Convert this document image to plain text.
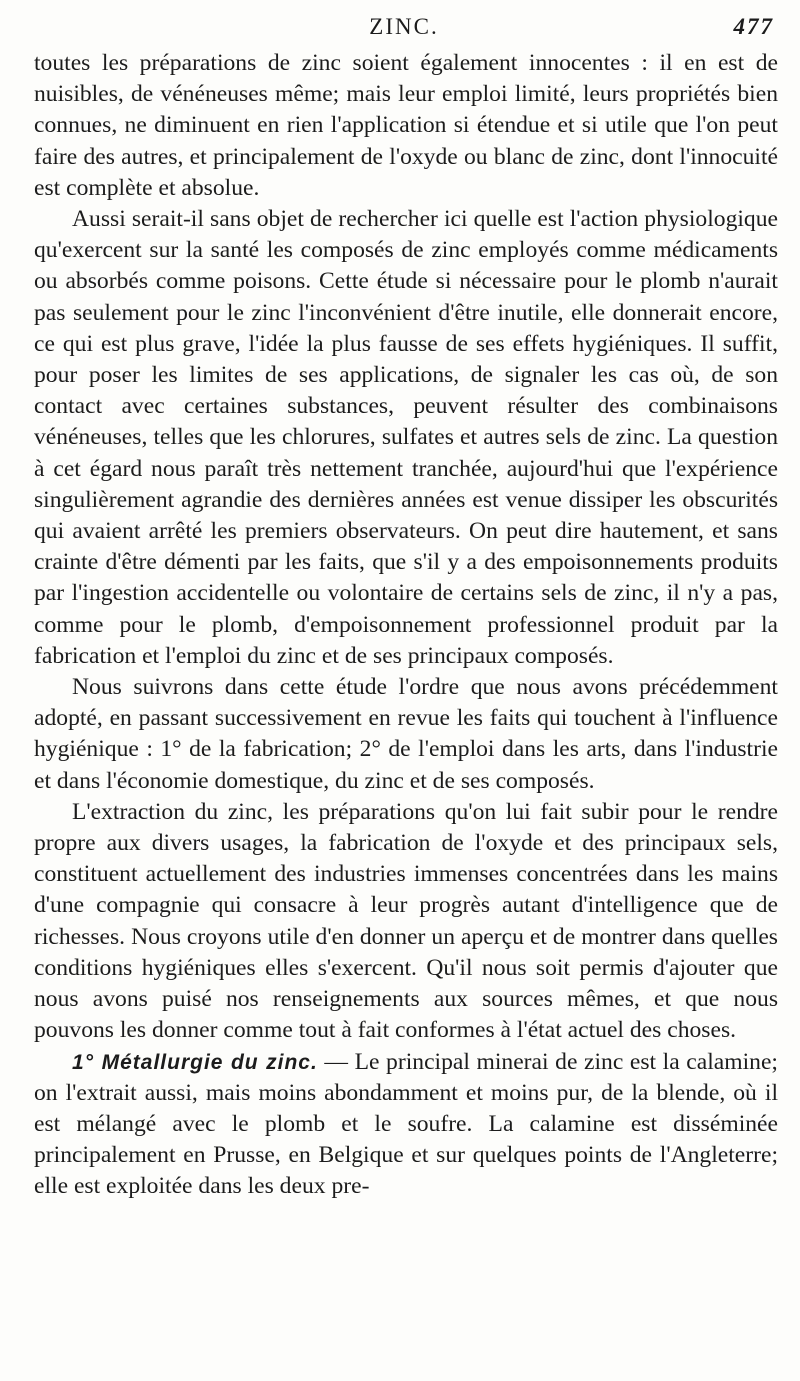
ZINC.	477

toutes les préparations de zinc soient également innocentes : il en est de nuisibles, de vénéneuses même; mais leur emploi limité, leurs propriétés bien connues, ne diminuent en rien l'application si étendue et si utile que l'on peut faire des autres, et principalement de l'oxyde ou blanc de zinc, dont l'innocuité est complète et absolue.

Aussi serait-il sans objet de rechercher ici quelle est l'action physiologique qu'exercent sur la santé les composés de zinc employés comme médicaments ou absorbés comme poisons. Cette étude si nécessaire pour le plomb n'aurait pas seulement pour le zinc l'inconvénient d'être inutile, elle donnerait encore, ce qui est plus grave, l'idée la plus fausse de ses effets hygiéniques. Il suffit, pour poser les limites de ses applications, de signaler les cas où, de son contact avec certaines substances, peuvent résulter des combinaisons vénéneuses, telles que les chlorures, sulfates et autres sels de zinc. La question à cet égard nous paraît très nettement tranchée, aujourd'hui que l'expérience singulièrement agrandie des dernières années est venue dissiper les obscurités qui avaient arrêté les premiers observateurs. On peut dire hautement, et sans crainte d'être démenti par les faits, que s'il y a des empoisonnements produits par l'ingestion accidentelle ou volontaire de certains sels de zinc, il n'y a pas, comme pour le plomb, d'empoisonnement professionnel produit par la fabrication et l'emploi du zinc et de ses principaux composés.

Nous suivrons dans cette étude l'ordre que nous avons précédemment adopté, en passant successivement en revue les faits qui touchent à l'influence hygiénique : 1° de la fabrication; 2° de l'emploi dans les arts, dans l'industrie et dans l'économie domestique, du zinc et de ses composés.

L'extraction du zinc, les préparations qu'on lui fait subir pour le rendre propre aux divers usages, la fabrication de l'oxyde et des principaux sels, constituent actuellement des industries immenses concentrées dans les mains d'une compagnie qui consacre à leur progrès autant d'intelligence que de richesses. Nous croyons utile d'en donner un aperçu et de montrer dans quelles conditions hygiéniques elles s'exercent. Qu'il nous soit permis d'ajouter que nous avons puisé nos renseignements aux sources mêmes, et que nous pouvons les donner comme tout à fait conformes à l'état actuel des choses.

1° Métallurgie du zinc. — Le principal minerai de zinc est la calamine; on l'extrait aussi, mais moins abondamment et moins pur, de la blende, où il est mélangé avec le plomb et le soufre. La calamine est disséminée principalement en Prusse, en Belgique et sur quelques points de l'Angleterre; elle est exploitée dans les deux pre-
